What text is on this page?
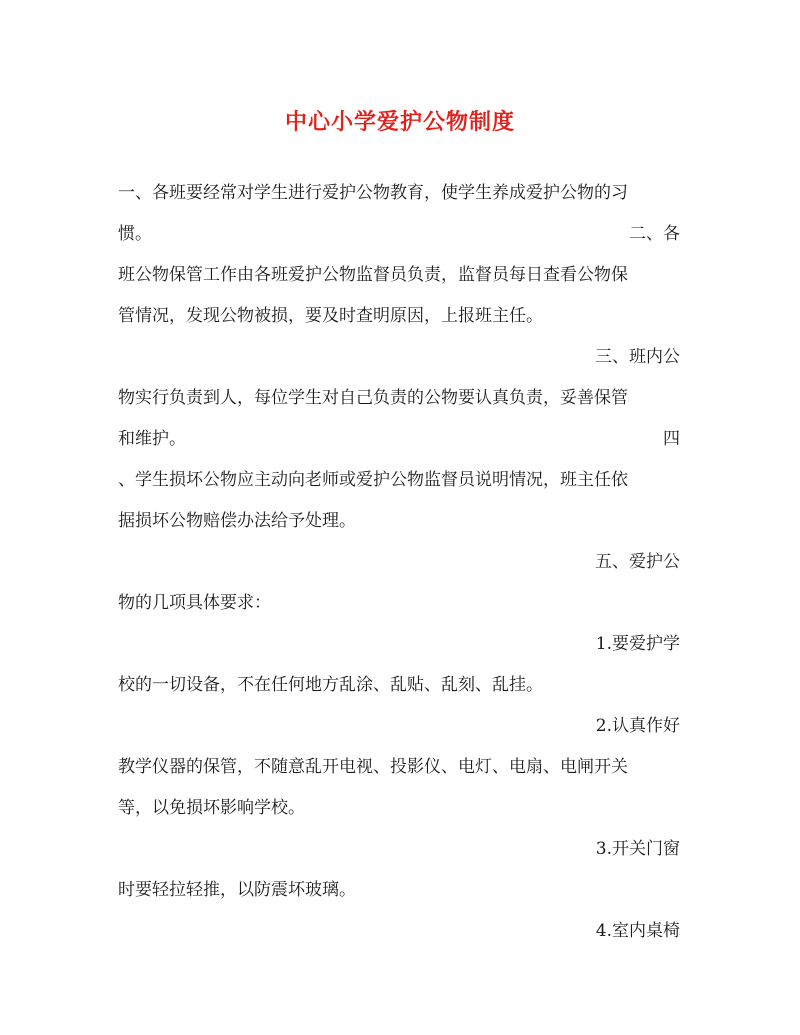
中心小学爱护公物制度
一、各班要经常对学生进行爱护公物教育，使学生养成爱护公物的习
惯。	二、各
班公物保管工作由各班爱护公物监督员负责，监督员每日查看公物保
管情况，发现公物被损，要及时查明原因，上报班主任。
三、班内公
物实行负责到人，每位学生对自己负责的公物要认真负责，妥善保管
和维护。	四
、学生损坏公物应主动向老师或爱护公物监督员说明情况，班主任依
据损坏公物赔偿办法给予处理。
五、爱护公
物的几项具体要求：
1.要爱护学
校的一切设备，不在任何地方乱涂、乱贴、乱刻、乱挂。
2.认真作好
教学仪器的保管，不随意乱开电视、投影仪、电灯、电扇、电闸开关
等，以免损坏影响学校。
3.开关门窗
时要轻拉轻推，以防震坏玻璃。
4.室内桌椅
